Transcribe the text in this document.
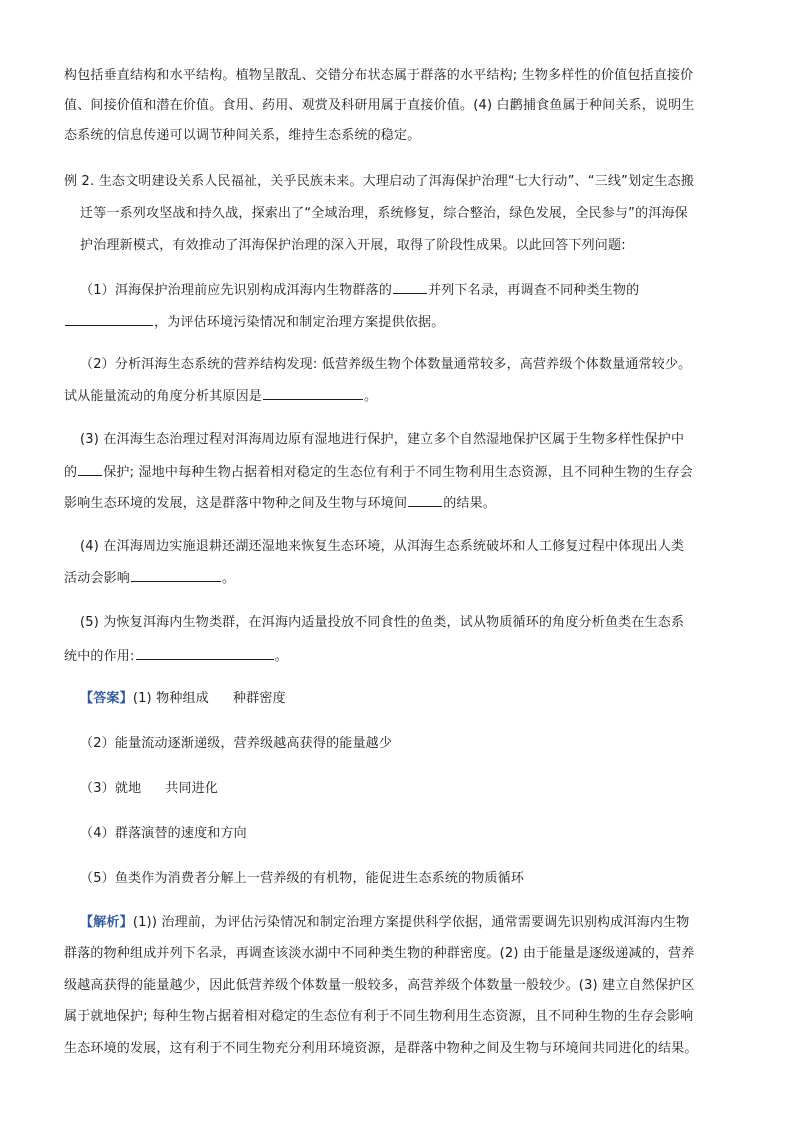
构包括垂直结构和水平结构。植物呈散乱、交错分布状态属于群落的水平结构; 生物多样性的价值包括直接价
值、间接价值和潜在价值。食用、药用、观赏及科研用属于直接价值。(4) 白鹳捕食鱼属于种间关系，说明生
态系统的信息传递可以调节种间关系，维持生态系统的稳定。
例 2. 生态文明建设关系人民福祉，关乎民族未来。大理启动了洱海保护治理“七大行动”、“三线”划定生态搬
迁等一系列攻坚战和持久战，探索出了“全域治理，系统修复，综合整治，绿色发展，全民参与”的洱海保
护治理新模式，有效推动了洱海保护治理的深入开展，取得了阶段性成果。以此回答下列问题:
（1）洱海保护治理前应先识别构成洱海内生物群落的	并列下名录，再调查不同种类生物的
，为评估环境污染情况和制定治理方案提供依据。
（2）分析洱海生态系统的营养结构发现: 低营养级生物个体数量通常较多，高营养级个体数量通常较少。
试从能量流动的角度分析其原因是	。
(3) 在洱海生态治理过程对洱海周边原有湿地进行保护，建立多个自然湿地保护区属于生物多样性保护中
的 保护; 湿地中每种生物占据着相对稳定的生态位有利于不同生物利用生态资源，且不同种生物的生存会
影响生态环境的发展，这是群落中物种之间及生物与环境间	的结果。
(4) 在洱海周边实施退耕还湖还湿地来恢复生态环境，从洱海生态系统破坏和人工修复过程中体现出人类
活动会影响	。
(5) 为恢复洱海内生物类群，在洱海内适量投放不同食性的鱼类，试从物质循环的角度分析鱼类在生态系
统中的作用:	。
【答案】(1) 物种组成 种群密度
（2）能量流动逐渐递级，营养级越高获得的能量越少
（3）就地 共同进化
（4）群落演替的速度和方向
（5）鱼类作为消费者分解上一营养级的有机物，能促进生态系统的物质循环
【解析】(1)) 治理前，为评估污染情况和制定治理方案提供科学依据，通常需要调先识别构成洱海内生物
群落的物种组成并列下名录，再调查该淡水湖中不同种类生物的种群密度。(2) 由于能量是逐级递减的，营养
级越高获得的能量越少，因此低营养级个体数量一般较多，高营养级个体数量一般较少。(3) 建立自然保护区
属于就地保护; 每种生物占据着相对稳定的生态位有利于不同生物利用生态资源，且不同种生物的生存会影响
生态环境的发展，这有利于不同生物充分利用环境资源，是群落中物种之间及生物与环境间共同进化的结果。
